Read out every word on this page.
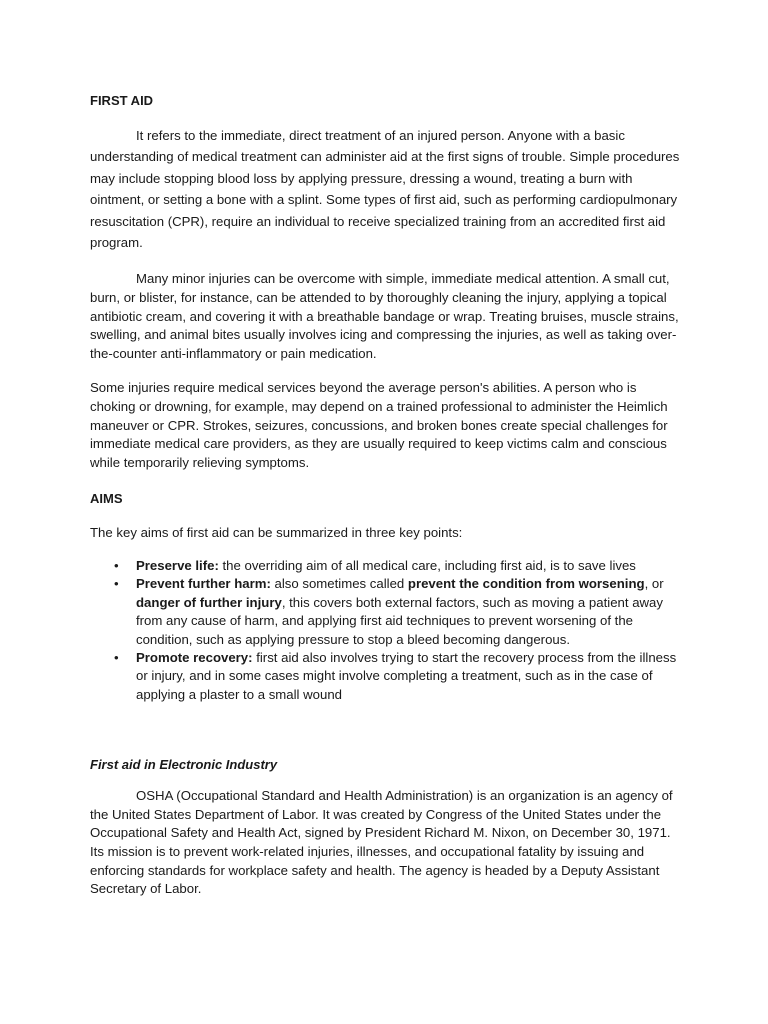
FIRST AID

It refers to the immediate, direct treatment of an injured person. Anyone with a basic understanding of medical treatment can administer aid at the first signs of trouble. Simple procedures may include stopping blood loss by applying pressure, dressing a wound, treating a burn with ointment, or setting a bone with a splint. Some types of first aid, such as performing cardiopulmonary resuscitation (CPR), require an individual to receive specialized training from an accredited first aid program.

Many minor injuries can be overcome with simple, immediate medical attention. A small cut, burn, or blister, for instance, can be attended to by thoroughly cleaning the injury, applying a topical antibiotic cream, and covering it with a breathable bandage or wrap. Treating bruises, muscle strains, swelling, and animal bites usually involves icing and compressing the injuries, as well as taking over-the-counter anti-inflammatory or pain medication.

Some injuries require medical services beyond the average person's abilities. A person who is choking or drowning, for example, may depend on a trained professional to administer the Heimlich maneuver or CPR. Strokes, seizures, concussions, and broken bones create special challenges for immediate medical care providers, as they are usually required to keep victims calm and conscious while temporarily relieving symptoms.

AIMS

The key aims of first aid can be summarized in three key points:

• Preserve life: the overriding aim of all medical care, including first aid, is to save lives
• Prevent further harm: also sometimes called prevent the condition from worsening, or danger of further injury, this covers both external factors, such as moving a patient away from any cause of harm, and applying first aid techniques to prevent worsening of the condition, such as applying pressure to stop a bleed becoming dangerous.
• Promote recovery: first aid also involves trying to start the recovery process from the illness or injury, and in some cases might involve completing a treatment, such as in the case of applying a plaster to a small wound

First aid in Electronic Industry

OSHA (Occupational Standard and Health Administration) is an organization is an agency of the United States Department of Labor. It was created by Congress of the United States under the Occupational Safety and Health Act, signed by President Richard M. Nixon, on December 30, 1971. Its mission is to prevent work-related injuries, illnesses, and occupational fatality by issuing and enforcing standards for workplace safety and health. The agency is headed by a Deputy Assistant Secretary of Labor.
